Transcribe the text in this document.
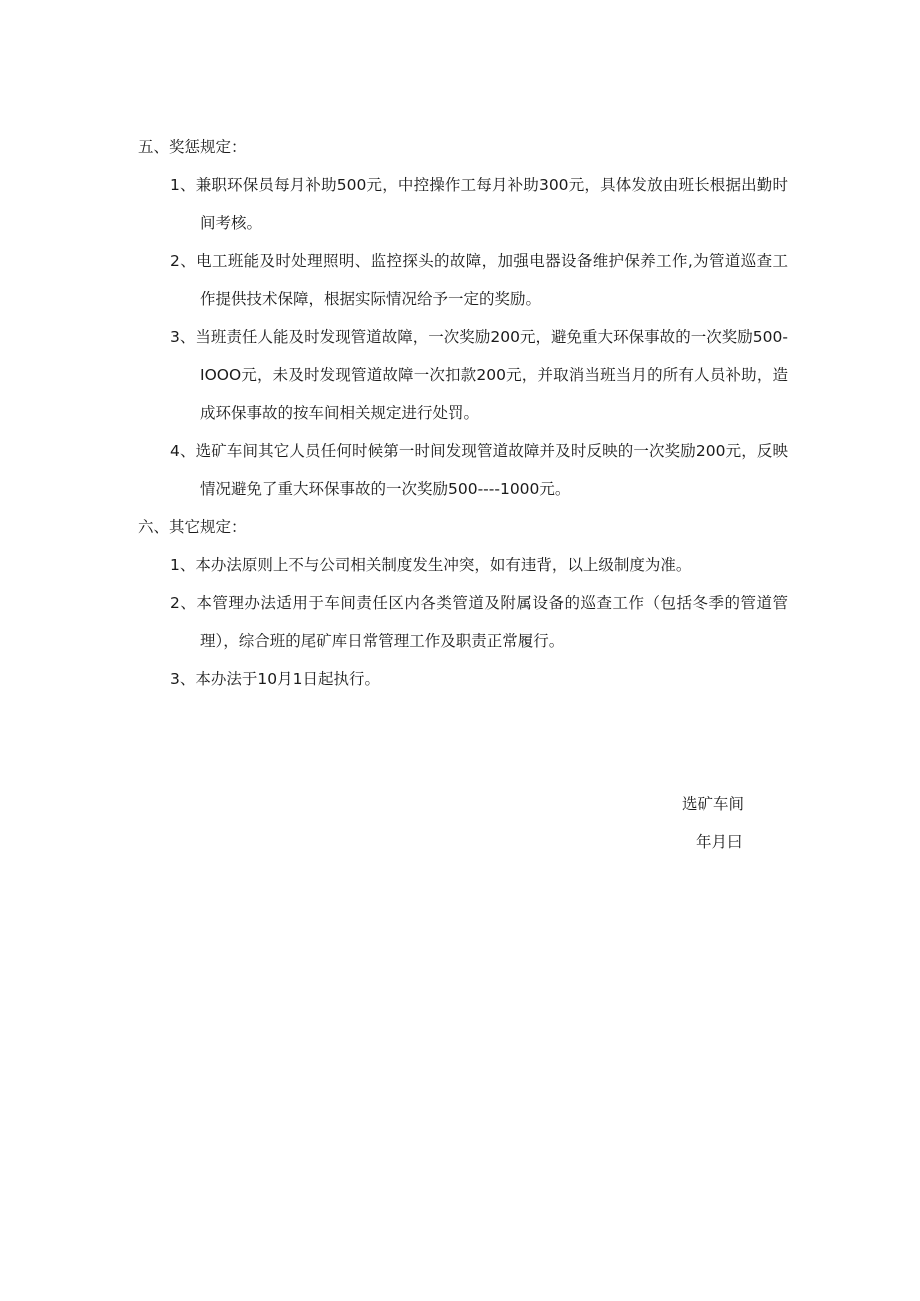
五、奖惩规定：

1、兼职环保员每月补助500元，中控操作工每月补助300元，具体发放由班长根据出勤时间考核。

2、电工班能及时处理照明、监控探头的故障，加强电器设备维护保养工作,为管道巡查工作提供技术保障，根据实际情况给予一定的奖励。

3、当班责任人能及时发现管道故障，一次奖励200元，避免重大环保事故的一次奖励500-IOOO元，未及时发现管道故障一次扣款200元，并取消当班当月的所有人员补助，造成环保事故的按车间相关规定进行处罚。

4、选矿车间其它人员任何时候第一时间发现管道故障并及时反映的一次奖励200元，反映情况避免了重大环保事故的一次奖励500----1000元。

六、其它规定：

1、本办法原则上不与公司相关制度发生冲突，如有违背，以上级制度为准。

2、本管理办法适用于车间责任区内各类管道及附属设备的巡查工作（包括冬季的管道管理），综合班的尾矿库日常管理工作及职责正常履行。

3、本办法于10月1日起执行。

选矿车间
年月曰
